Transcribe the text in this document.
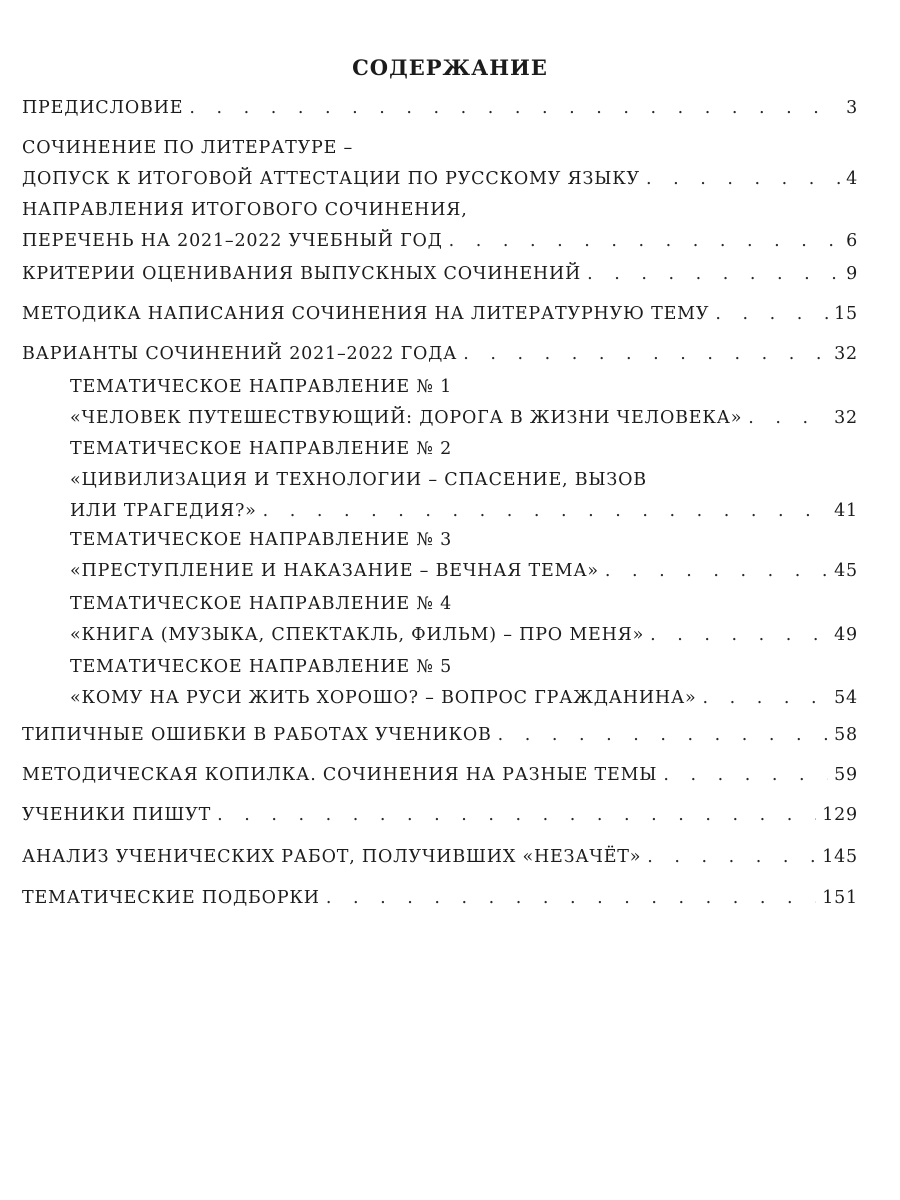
СОДЕРЖАНИЕ
ПРЕДИСЛОВИЕ . . .	3
СОЧИНЕНИЕ ПО ЛИТЕРАТУРЕ –
ДОПУСК К ИТОГОВОЙ АТТЕСТАЦИИ ПО РУССКОМУ ЯЗЫКУ . . .	4
НАПРАВЛЕНИЯ ИТОГОВОГО СОЧИНЕНИЯ,
ПЕРЕЧЕНЬ НА 2021–2022 УЧЕБНЫЙ ГОД . . .	6
КРИТЕРИИ ОЦЕНИВАНИЯ ВЫПУСКНЫХ СОЧИНЕНИЙ . . .	9
МЕТОДИКА НАПИСАНИЯ СОЧИНЕНИЯ НА ЛИТЕРАТУРНУЮ ТЕМУ . . .	15
ВАРИАНТЫ СОЧИНЕНИЙ 2021–2022 ГОДА . . .	32
ТЕМАТИЧЕСКОЕ НАПРАВЛЕНИЕ № 1
«ЧЕЛОВЕК ПУТЕШЕСТВУЮЩИЙ: ДОРОГА В ЖИЗНИ ЧЕЛОВЕКА» . . .	32
ТЕМАТИЧЕСКОЕ НАПРАВЛЕНИЕ № 2
«ЦИВИЛИЗАЦИЯ И ТЕХНОЛОГИИ – СПАСЕНИЕ, ВЫЗОВ
ИЛИ ТРАГЕДИЯ?» . . .	41
ТЕМАТИЧЕСКОЕ НАПРАВЛЕНИЕ № 3
«ПРЕСТУПЛЕНИЕ И НАКАЗАНИЕ – ВЕЧНАЯ ТЕМА» . . .	45
ТЕМАТИЧЕСКОЕ НАПРАВЛЕНИЕ № 4
«КНИГА (МУЗЫКА, СПЕКТАКЛЬ, ФИЛЬМ) – ПРО МЕНЯ» . . .	49
ТЕМАТИЧЕСКОЕ НАПРАВЛЕНИЕ № 5
«КОМУ НА РУСИ ЖИТЬ ХОРОШО? – ВОПРОС ГРАЖДАНИНА» . . .	54
ТИПИЧНЫЕ ОШИБКИ В РАБОТАХ УЧЕНИКОВ . . .	58
МЕТОДИЧЕСКАЯ КОПИЛКА. СОЧИНЕНИЯ НА РАЗНЫЕ ТЕМЫ . . .	59
УЧЕНИКИ ПИШУТ . . .	129
АНАЛИЗ УЧЕНИЧЕСКИХ РАБОТ, ПОЛУЧИВШИХ «НЕЗАЧЁТ» . . .	145
ТЕМАТИЧЕСКИЕ ПОДБОРКИ . . .	151
